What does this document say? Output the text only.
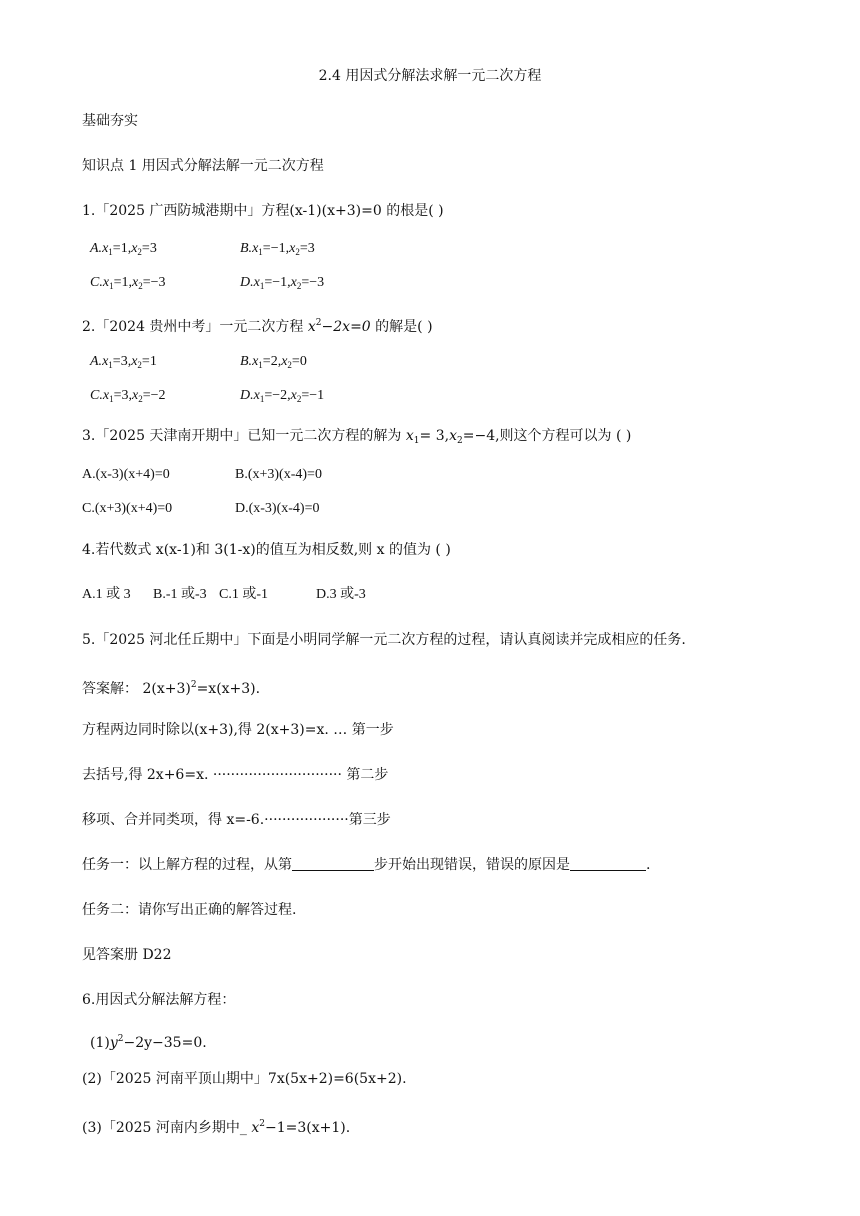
2.4 用因式分解法求解一元二次方程
基础夯实
知识点 1 用因式分解法解一元二次方程
1.「2025 广西防城港期中」方程(x-1)(x+3)=0 的根是( )
$A.x_1=1,x_2=3$	$B.x_1=-1,x_2=3$
$C.x_1=1,x_2=-3$	$D.x_1=-1,x_2=-3$
2.「2024 贵州中考」一元二次方程 $x^2-2x=0$ 的解是( )
$A.x_1=3,x_2=1$	$B.x_1=2,x_2=0$
$C.x_1=3,x_2=-2$	$D.x_1=-2,x_2=-1$
3.「2025 天津南开期中」已知一元二次方程的解为 $x_1= 3,x_2=-4$,则这个方程可以为 ( )
A.(x-3)(x+4)=0	B.(x+3)(x-4)=0
C.(x+3)(x+4)=0	D.(x-3)(x-4)=0
4.若代数式 x(x-1)和 3(1-x)的值互为相反数,则 x 的值为 ( )
A.1 或 3 B.-1 或-3 C.1 或-1	D.3 或-3
5.「2025 河北任丘期中」下面是小明同学解一元二次方程的过程，请认真阅读并完成相应的任务.
答案解： $2(x+3)^2=x(x+3)$.
方程两边同时除以(x+3),得 2(x+3)=x. … 第一步
去括号,得 2x+6=x. ····························· 第二步
移项、合并同类项，得 x=-6.···················第三步
任务一：以上解方程的过程，从第	步开始出现错误，错误的原因是	.
任务二：请你写出正确的解答过程.
见答案册 D22
6.用因式分解法解方程：
$(1)y^2-2y-35=0$.
(2)「2025 河南平顶山期中」7x(5x+2)=6(5x+2).
(3)「2025 河南内乡期中_ $x^2-1=3(x+1)$.
